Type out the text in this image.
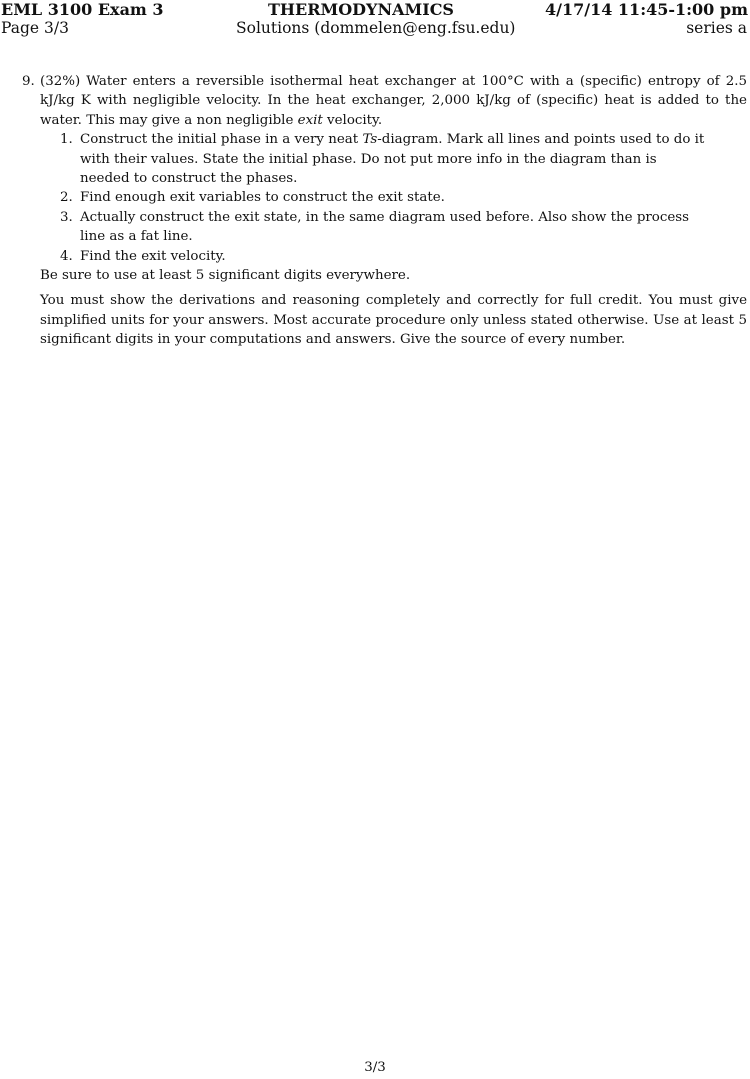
EML 3100 Exam 3	THERMODYNAMICS	4/17/14 11:45-1:00 pm
Page 3/3	Solutions (dommelen@eng.fsu.edu)	series a
9. (32%) Water enters a reversible isothermal heat exchanger at 100°C with a (specific) entropy of 2.5 kJ/kg K with negligible velocity. In the heat exchanger, 2,000 kJ/kg of (specific) heat is added to the water. This may give a non negligible exit velocity.
1. Construct the initial phase in a very neat Ts-diagram. Mark all lines and points used to do it with their values. State the initial phase. Do not put more info in the diagram than is needed to construct the phases.
2. Find enough exit variables to construct the exit state.
3. Actually construct the exit state, in the same diagram used before. Also show the process line as a fat line.
4. Find the exit velocity.
Be sure to use at least 5 significant digits everywhere.
You must show the derivations and reasoning completely and correctly for full credit. You must give simplified units for your answers. Most accurate procedure only unless stated otherwise. Use at least 5 significant digits in your computations and answers. Give the source of every number.
3/3
